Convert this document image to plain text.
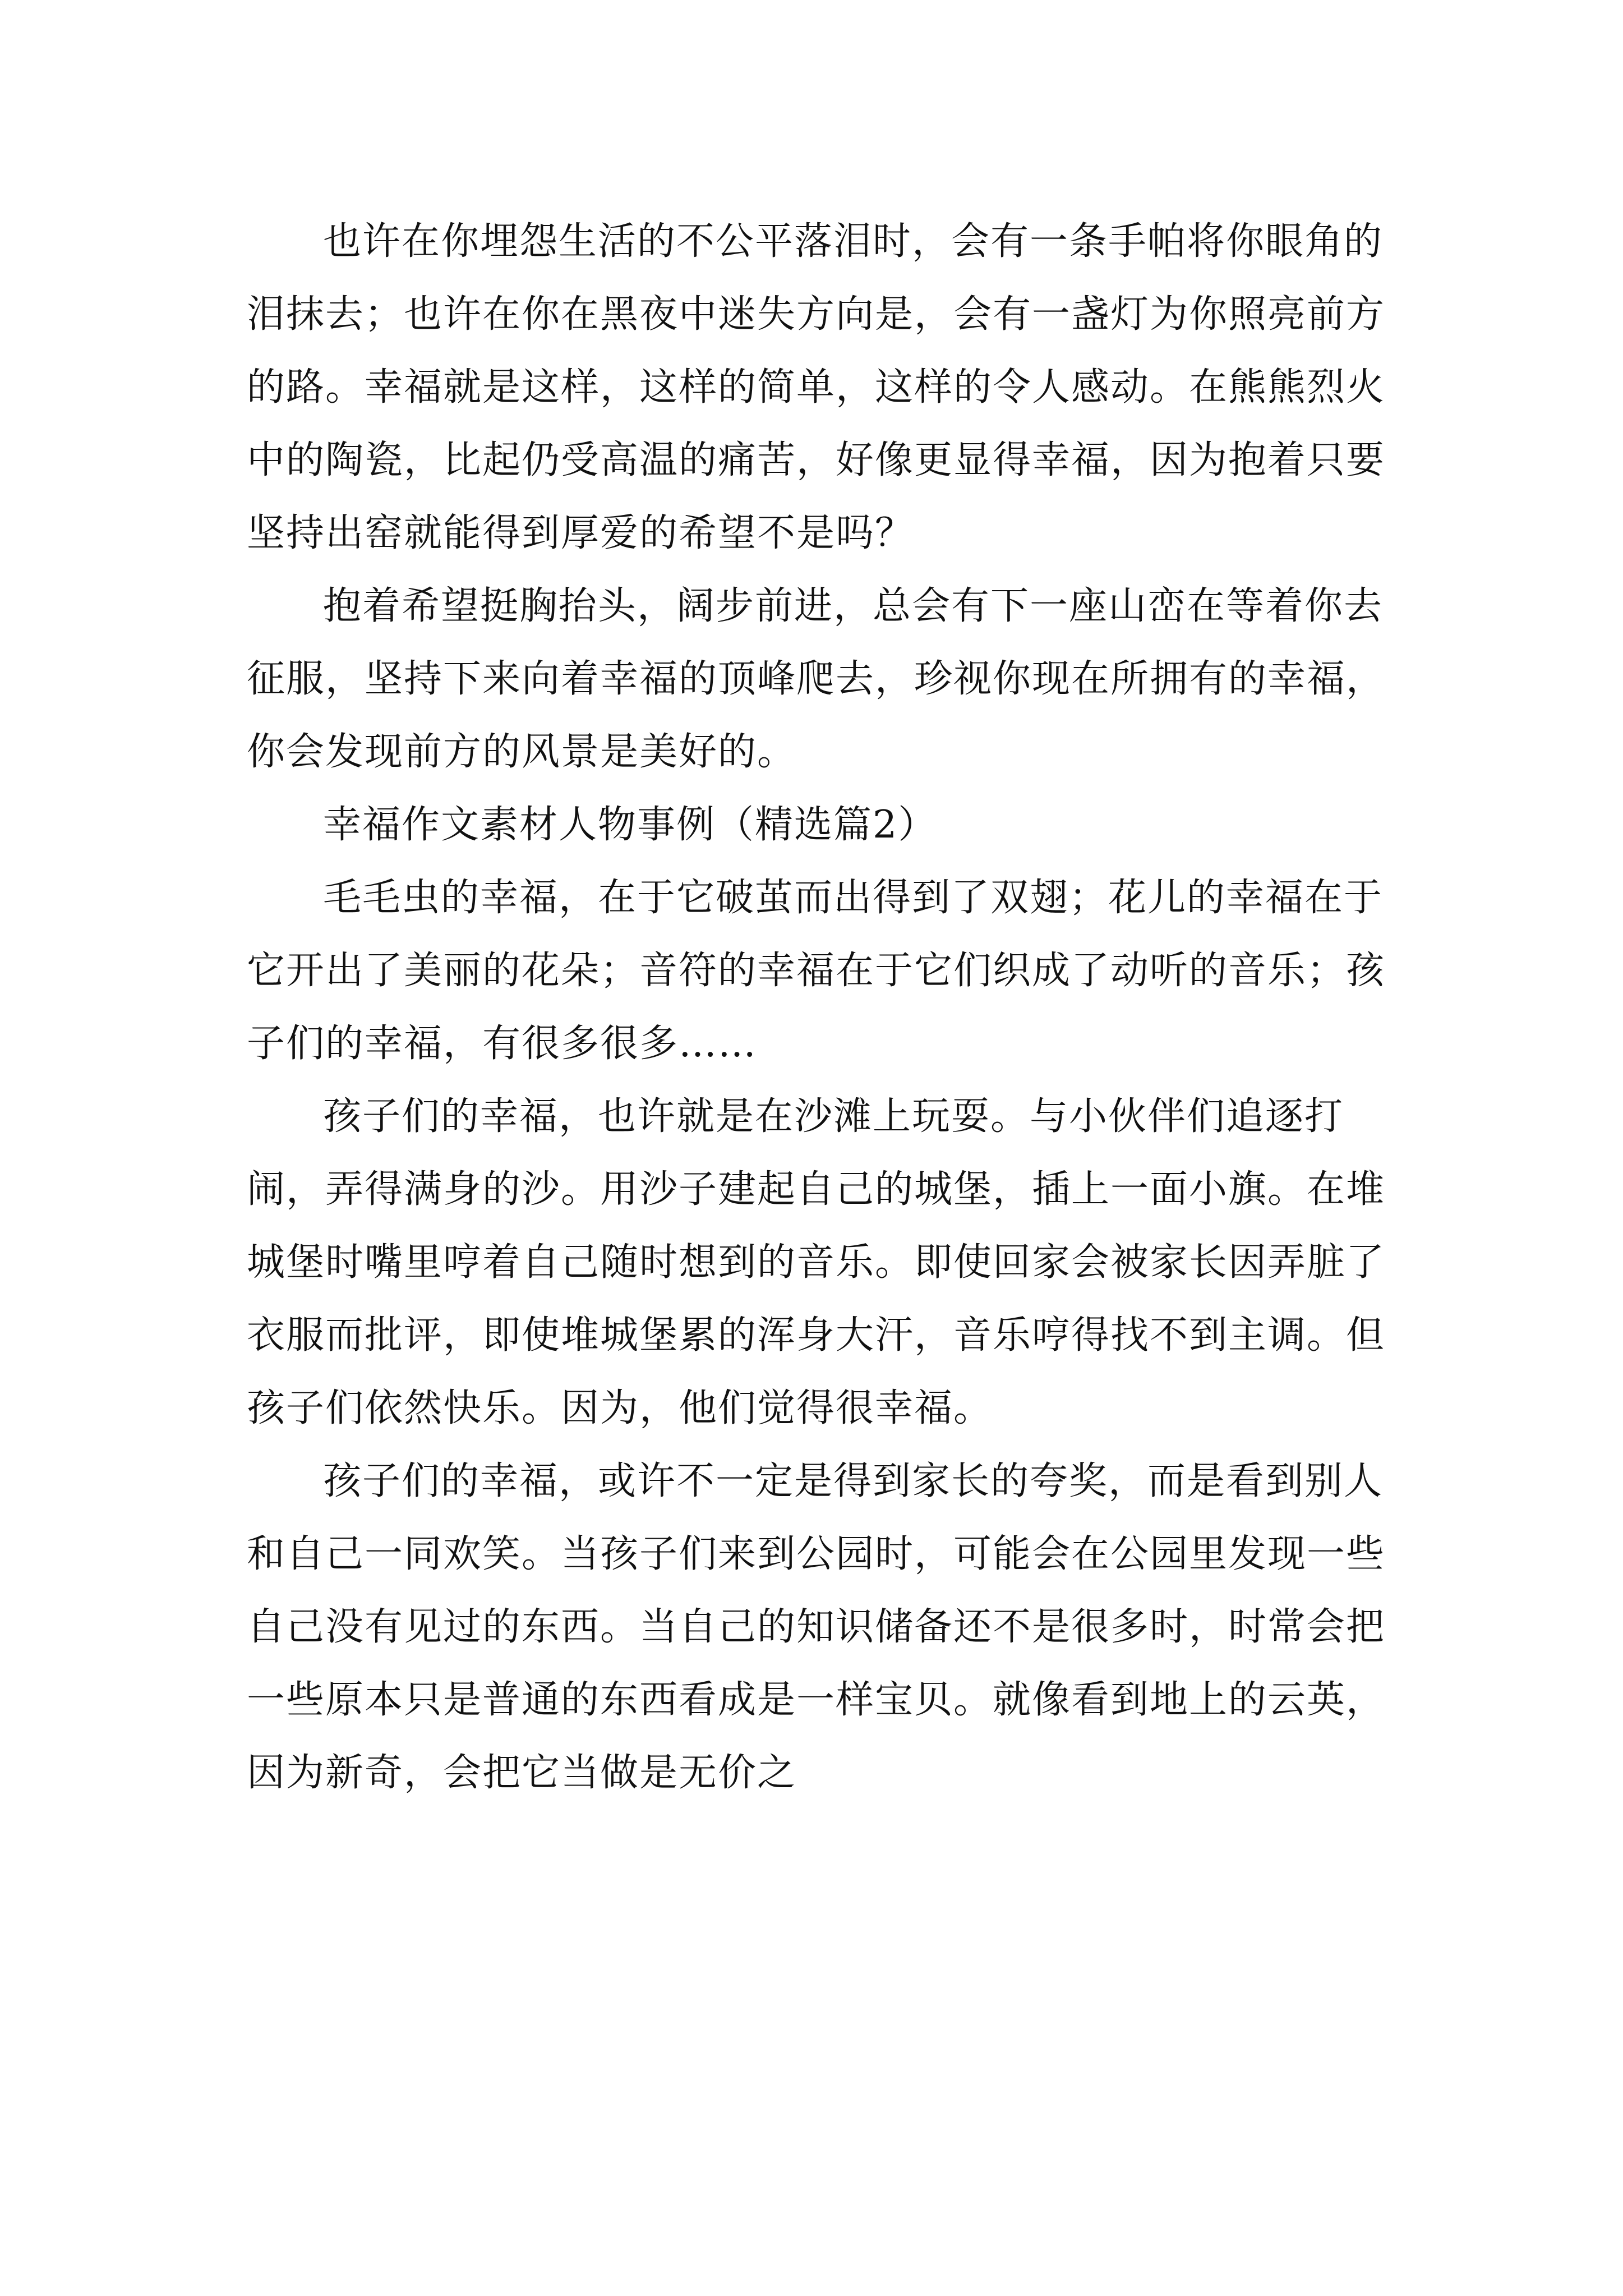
也许在你埋怨生活的不公平落泪时，会有一条手帕将你眼角的泪抹去；也许在你在黑夜中迷失方向是，会有一盏灯为你照亮前方的路。幸福就是这样，这样的简单，这样的令人感动。在熊熊烈火中的陶瓷，比起仍受高温的痛苦，好像更显得幸福，因为抱着只要坚持出窑就能得到厚爱的希望不是吗？

抱着希望挺胸抬头，阔步前进，总会有下一座山峦在等着你去征服，坚持下来向着幸福的顶峰爬去，珍视你现在所拥有的幸福，你会发现前方的风景是美好的。

幸福作文素材人物事例（精选篇2）

毛毛虫的幸福，在于它破茧而出得到了双翅；花儿的幸福在于它开出了美丽的花朵；音符的幸福在于它们织成了动听的音乐；孩子们的幸福，有很多很多……

孩子们的幸福，也许就是在沙滩上玩耍。与小伙伴们追逐打闹，弄得满身的沙。用沙子建起自己的城堡，插上一面小旗。在堆城堡时嘴里哼着自己随时想到的音乐。即使回家会被家长因弄脏了衣服而批评，即使堆城堡累的浑身大汗，音乐哼得找不到主调。但孩子们依然快乐。因为，他们觉得很幸福。

孩子们的幸福，或许不一定是得到家长的夸奖，而是看到别人和自己一同欢笑。当孩子们来到公园时，可能会在公园里发现一些自己没有见过的东西。当自己的知识储备还不是很多时，时常会把一些原本只是普通的东西看成是一样宝贝。就像看到地上的云英，因为新奇，会把它当做是无价之
